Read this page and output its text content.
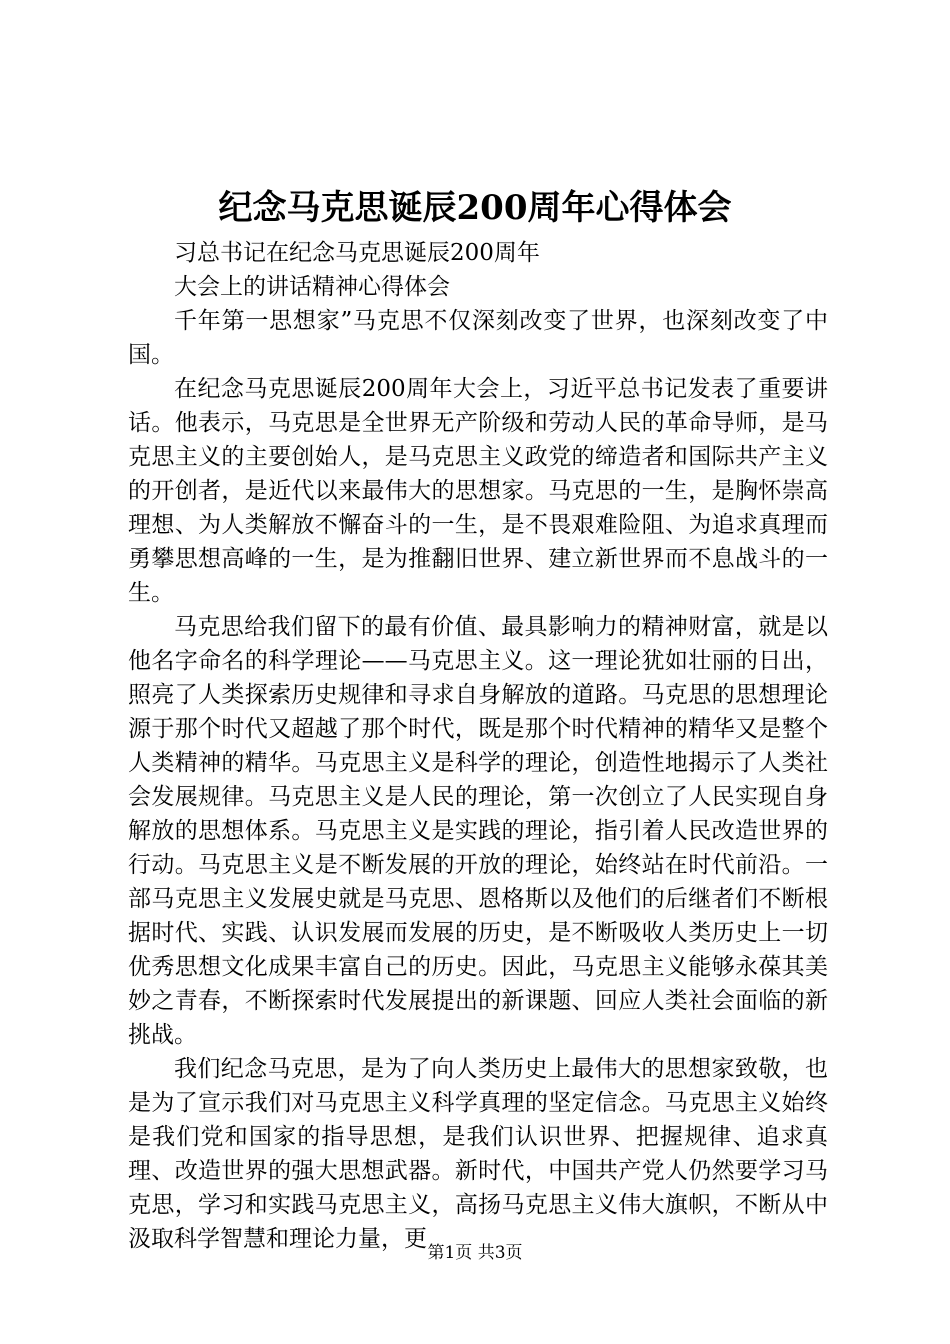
纪念马克思诞辰200周年心得体会

习总书记在纪念马克思诞辰200周年

大会上的讲话精神心得体会

千年第一思想家”马克思不仅深刻改变了世界，也深刻改变了中国。

在纪念马克思诞辰200周年大会上，习近平总书记发表了重要讲话。他表示，马克思是全世界无产阶级和劳动人民的革命导师，是马克思主义的主要创始人，是马克思主义政党的缔造者和国际共产主义的开创者，是近代以来最伟大的思想家。马克思的一生，是胸怀崇高理想、为人类解放不懈奋斗的一生，是不畏艰难险阻、为追求真理而勇攀思想高峰的一生，是为推翻旧世界、建立新世界而不息战斗的一生。

马克思给我们留下的最有价值、最具影响力的精神财富，就是以他名字命名的科学理论——马克思主义。这一理论犹如壮丽的日出，照亮了人类探索历史规律和寻求自身解放的道路。马克思的思想理论源于那个时代又超越了那个时代，既是那个时代精神的精华又是整个人类精神的精华。马克思主义是科学的理论，创造性地揭示了人类社会发展规律。马克思主义是人民的理论，第一次创立了人民实现自身解放的思想体系。马克思主义是实践的理论，指引着人民改造世界的行动。马克思主义是不断发展的开放的理论，始终站在时代前沿。一部马克思主义发展史就是马克思、恩格斯以及他们的后继者们不断根据时代、实践、认识发展而发展的历史，是不断吸收人类历史上一切优秀思想文化成果丰富自己的历史。因此，马克思主义能够永葆其美妙之青春，不断探索时代发展提出的新课题、回应人类社会面临的新挑战。

我们纪念马克思，是为了向人类历史上最伟大的思想家致敬，也是为了宣示我们对马克思主义科学真理的坚定信念。马克思主义始终是我们党和国家的指导思想，是我们认识世界、把握规律、追求真理、改造世界的强大思想武器。新时代，中国共产党人仍然要学习马克思，学习和实践马克思主义，高扬马克思主义伟大旗帜，不断从中汲取科学智慧和理论力量，更

第1页 共3页
